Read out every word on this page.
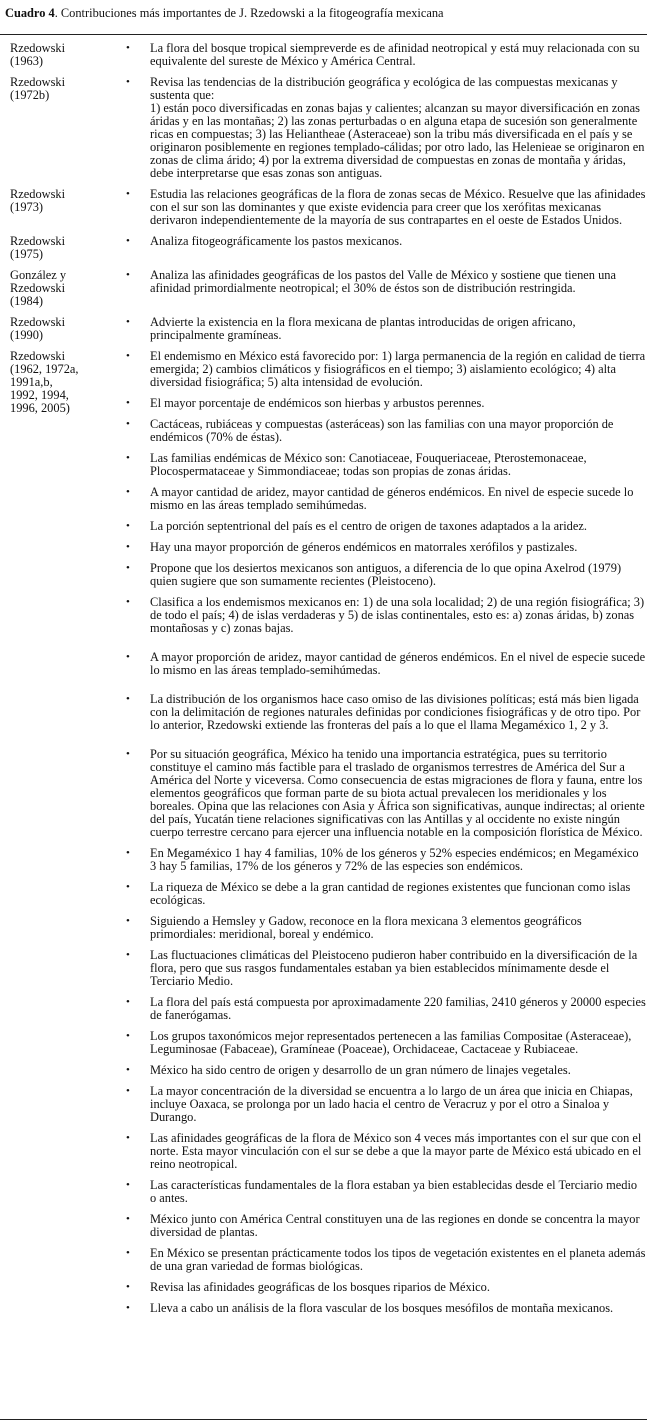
Cuadro 4. Contribuciones más importantes de J. Rzedowski a la fitogeografía mexicana
Rzedowski
(1963)
•	La flora del bosque tropical siempreverde es de afinidad neotropical y está muy relacionada con su equivalente del sureste de México y América Central.
Rzedowski
(1972b)
•	Revisa las tendencias de la distribución geográfica y ecológica de las compuestas mexicanas y sustenta que:
1) están poco diversificadas en zonas bajas y calientes; alcanzan su mayor diversificación en zonas áridas y en las montañas; 2) las zonas perturbadas o en alguna etapa de sucesión son generalmente ricas en compuestas; 3) las Heliantheae (Asteraceae) son la tribu más diversificada en el país y se originaron posiblemente en regiones templado-cálidas; por otro lado, las Helenieae se originaron en zonas de clima árido; 4) por la extrema diversidad de compuestas en zonas de montaña y áridas, debe interpretarse que esas zonas son antiguas.
Rzedowski
(1973)
•	Estudia las relaciones geográficas de la flora de zonas secas de México. Resuelve que las afinidades con el sur son las dominantes y que existe evidencia para creer que los xerófitas mexicanas derivaron independientemente de la mayoría de sus contrapartes en el oeste de Estados Unidos.
Rzedowski
(1975)
•	Analiza fitogeográficamente los pastos mexicanos.
González y
Rzedowski
(1984)
•	Analiza las afinidades geográficas de los pastos del Valle de México y sostiene que tienen una afinidad primordialmente neotropical; el 30% de éstos son de distribución restringida.
Rzedowski
(1990)
•	Advierte la existencia en la flora mexicana de plantas introducidas de origen africano, principalmente gramíneas.
Rzedowski
(1962, 1972a,
1991a,b,
1992, 1994,
1996, 2005)
•	El endemismo en México está favorecido por: 1) larga permanencia de la región en calidad de tierra emergida; 2) cambios climáticos y fisiográficos en el tiempo; 3) aislamiento ecológico; 4) alta diversidad fisiográfica; 5) alta intensidad de evolución.
•	El mayor porcentaje de endémicos son hierbas y arbustos perennes.
•	Cactáceas, rubiáceas y compuestas (asteráceas) son las familias con una mayor proporción de endémicos (70% de éstas).
•	Las familias endémicas de México son: Canotiaceae, Fouqueriaceae, Pterostemonaceae, Plocospermataceae y Simmondiaceae; todas son propias de zonas áridas.
•	A mayor cantidad de aridez, mayor cantidad de géneros endémicos. En nivel de especie sucede lo mismo en las áreas templado semihúmedas.
•	La porción septentrional del país es el centro de origen de taxones adaptados a la aridez.
•	Hay una mayor proporción de géneros endémicos en matorrales xerófilos y pastizales.
•	Propone que los desiertos mexicanos son antiguos, a diferencia de lo que opina Axelrod (1979) quien sugiere que son sumamente recientes (Pleistoceno).
•	Clasifica a los endemismos mexicanos en: 1) de una sola localidad; 2) de una región fisiográfica; 3) de todo el país; 4) de islas verdaderas y 5) de islas continentales, esto es: a) zonas áridas, b) zonas montañosas y c) zonas bajas.
•	A mayor proporción de aridez, mayor cantidad de géneros endémicos. En el nivel de especie sucede lo mismo en las áreas templado-semihúmedas.
•	La distribución de los organismos hace caso omiso de las divisiones políticas; está más bien ligada con la delimitación de regiones naturales definidas por condiciones fisiográficas y de otro tipo. Por lo anterior, Rzedowski extiende las fronteras del país a lo que el llama Megaméxico 1, 2 y 3.
•	Por su situación geográfica, México ha tenido una importancia estratégica, pues su territorio constituye el camino más factible para el traslado de organismos terrestres de América del Sur a América del Norte y viceversa. Como consecuencia de estas migraciones de flora y fauna, entre los elementos geográficos que forman parte de su biota actual prevalecen los meridionales y los boreales. Opina que las relaciones con Asia y África son significativas, aunque indirectas; al oriente del país, Yucatán tiene relaciones significativas con las Antillas y al occidente no existe ningún cuerpo terrestre cercano para ejercer una influencia notable en la composición florística de México.
•	En Megaméxico 1 hay 4 familias, 10% de los géneros y 52% especies endémicos; en Megaméxico 3 hay 5 familias, 17% de los géneros y 72% de las especies son endémicos.
•	La riqueza de México se debe a la gran cantidad de regiones existentes que funcionan como islas ecológicas.
•	Siguiendo a Hemsley y Gadow, reconoce en la flora mexicana 3 elementos geográficos primordiales: meridional, boreal y endémico.
•	Las fluctuaciones climáticas del Pleistoceno pudieron haber contribuido en la diversificación de la flora, pero que sus rasgos fundamentales estaban ya bien establecidos mínimamente desde el Terciario Medio.
•	La flora del país está compuesta por aproximadamente 220 familias, 2410 géneros y 20000 especies de fanerógamas.
•	Los grupos taxonómicos mejor representados pertenecen a las familias Compositae (Asteraceae), Leguminosae (Fabaceae), Gramíneae (Poaceae), Orchidaceae, Cactaceae y Rubiaceae.
•	México ha sido centro de origen y desarrollo de un gran número de linajes vegetales.
•	La mayor concentración de la diversidad se encuentra a lo largo de un área que inicia en Chiapas, incluye Oaxaca, se prolonga por un lado hacia el centro de Veracruz y por el otro a Sinaloa y Durango.
•	Las afinidades geográficas de la flora de México son 4 veces más importantes con el sur que con el norte. Esta mayor vinculación con el sur se debe a que la mayor parte de México está ubicado en el reino neotropical.
•	Las características fundamentales de la flora estaban ya bien establecidas desde el Terciario medio o antes.
•	México junto con América Central constituyen una de las regiones en donde se concentra la mayor diversidad de plantas.
•	En México se presentan prácticamente todos los tipos de vegetación existentes en el planeta además de una gran variedad de formas biológicas.
•	Revisa las afinidades geográficas de los bosques riparios de México.
•	Lleva a cabo un análisis de la flora vascular de los bosques mesófilos de montaña mexicanos.
